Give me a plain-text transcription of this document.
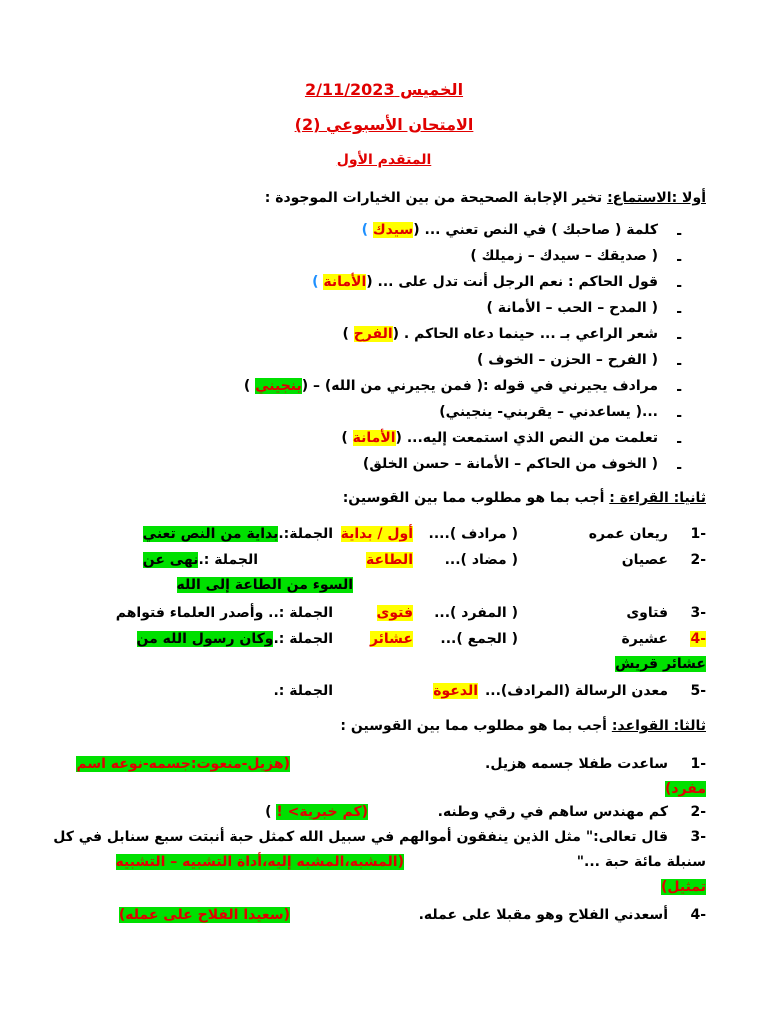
الخميس 2/11/2023
الامتحان الأسبوعي (2)
المتقدم الأول
أولا :الاستماع: تخير الإجابة الصحيحة من بين الخيارات الموجودة :
-
كلمة ( صاحبك ) في النص تعني ... (سيدك )
-
( صديقك – سيدك – زميلك )
-
قول الحاكم : نعم الرجل أنت تدل على ... (الأمانة )
-
( المدح – الحب – الأمانة )
-
شعر الراعي بـ ... حينما دعاه الحاكم . (الفرح )
-
( الفرح – الحزن – الخوف )
-
مرادف يجيرني في قوله :( فمن يجيرني من الله) – (ينجيني )
-
...( يساعدني – يقربني- ينجيني)
-
تعلمت من النص الذي استمعت إليه... (الأمانة )
-
( الخوف من الحاكم – الأمانة – حسن الخلق)
ثانيا: القراءة : أجب بما هو مطلوب مما بين القوسين:
-1
ريعان عمره
( مرادف )....
أول / بداية
الجملة:.بداية من النص تعني
-2
عصيان
( مضاد )...
الطاعة
الجملة :.نهى عن
السوء من الطاعة إلى الله
-3
فتاوى
( المفرد )...
فتوى
الجملة :.. وأصدر العلماء فتواهم
-4
عشيرة
( الجمع )...
عشائر
الجملة :.وكان رسول الله من
عشائر قريش
-5
معدن الرسالة (المرادف)...
الدعوة
الجملة :.
ثالثا: القواعد: أجب بما هو مطلوب مما بين القوسين :
-1
ساعدت طفلا جسمه هزيل.
(هزيل-منعوت:جسمه-نوعه اسم
مفرد)
-2
كم مهندس ساهم في رقي وطنه.
(كم خبرية> ! )
-3
قال تعالى:" مثل الذين ينفقون أموالهم في سبيل الله كمثل حبة أنبتت سبع سنابل في كل
سنبلة مائة حبة ..."
(المشبه،المشبه إليه،أداة التشبيه – التشبيه
تمثيل)
-4
أسعدني الفلاح وهو مقبلا على عمله.
(سعيدا الفلاح على عمله)
